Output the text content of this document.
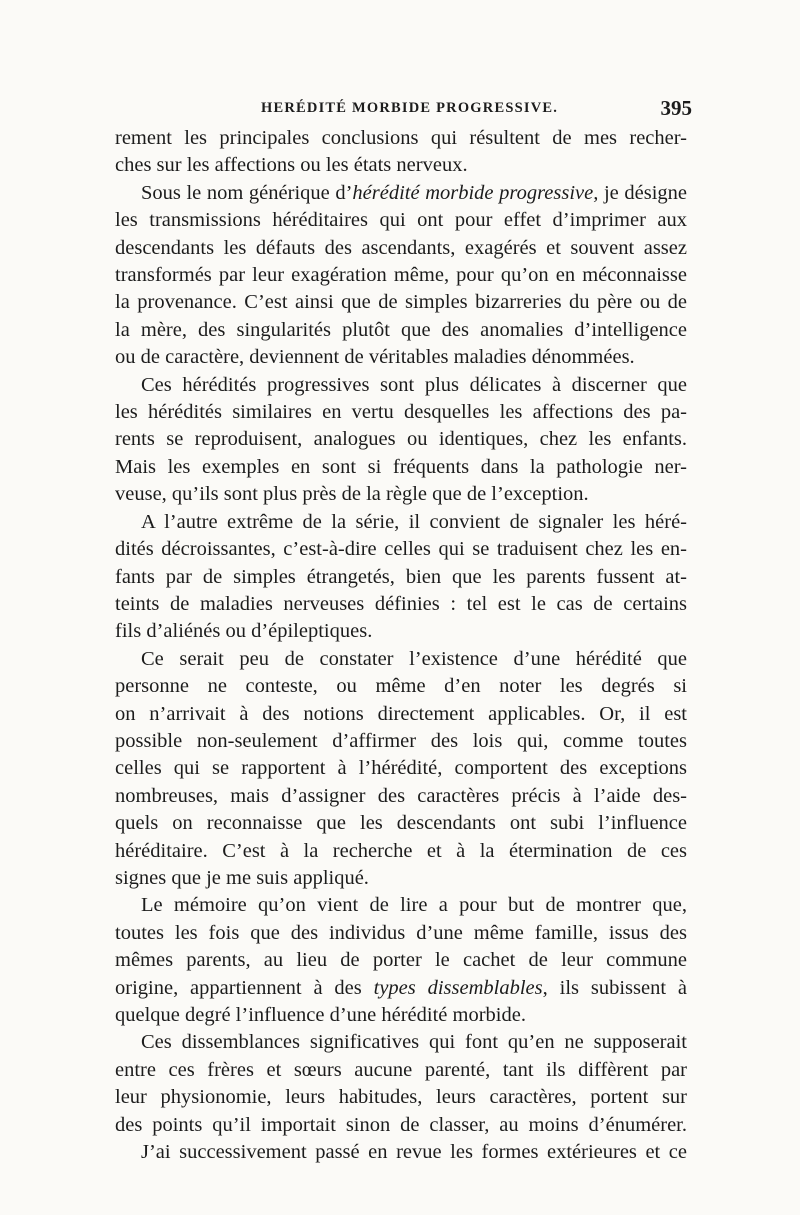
HERÉDITÉ MORBIDE PROGRESSIVE.	395

rement les principales conclusions qui résultent de mes recher-

ches sur les affections ou les états nerveux.

Sous le nom générique d’hérédité morbide progressive, je désigne

les transmissions héréditaires qui ont pour effet d’imprimer aux

descendants les défauts des ascendants, exagérés et souvent assez

transformés par leur exagération même, pour qu’on en méconnaisse

la provenance. C’est ainsi que de simples bizarreries du père ou de

la mère, des singularités plutôt que des anomalies d’intelligence

ou de caractère, deviennent de véritables maladies dénommées.

Ces hérédités progressives sont plus délicates à discerner que

les hérédités similaires en vertu desquelles les affections des pa-

rents se reproduisent, analogues ou identiques, chez les enfants.

Mais les exemples en sont si fréquents dans la pathologie ner-

veuse, qu’ils sont plus près de la règle que de l’exception.

A l’autre extrême de la série, il convient de signaler les héré-

dités décroissantes, c’est-à-dire celles qui se traduisent chez les en-

fants par de simples étrangetés, bien que les parents fussent at-

teints de maladies nerveuses définies : tel est le cas de certains

fils d’aliénés ou d’épileptiques.

Ce serait peu de constater l’existence d’une hérédité que

personne ne conteste, ou même d’en noter les degrés si

on n’arrivait à des notions directement applicables. Or, il est

possible non-seulement d’affirmer des lois qui, comme toutes

celles qui se rapportent à l’hérédité, comportent des exceptions

nombreuses, mais d’assigner des caractères précis à l’aide des-

quels on reconnaisse que les descendants ont subi l’influence

héréditaire. C’est à la recherche et à la étermination de ces

signes que je me suis appliqué.

Le mémoire qu’on vient de lire a pour but de montrer que,

toutes les fois que des individus d’une même famille, issus des

mêmes parents, au lieu de porter le cachet de leur commune

origine, appartiennent à des types dissemblables, ils subissent à

quelque degré l’influence d’une hérédité morbide.

Ces dissemblances significatives qui font qu’en ne supposerait

entre ces frères et sœurs aucune parenté, tant ils diffèrent par

leur physionomie, leurs habitudes, leurs caractères, portent sur

des points qu’il importait sinon de classer, au moins d’énumérer.

J’ai successivement passé en revue les formes extérieures et ce
